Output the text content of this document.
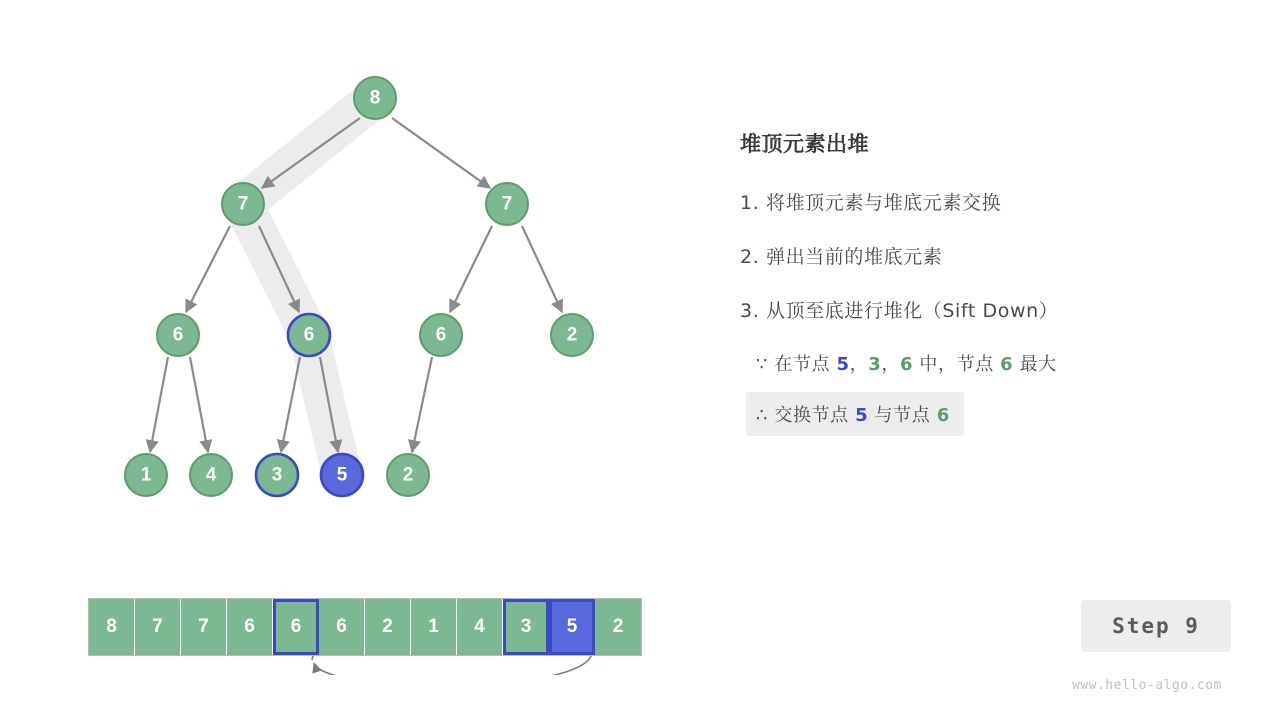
8
7	7
6	6	6	2
1	4	3	5	2
8	7	7	6	6	6	2	1	4	3	5	2
堆顶元素出堆
1. 将堆顶元素与堆底元素交换
2. 弹出当前的堆底元素
3. 从顶至底进行堆化（Sift Down）
∵ 在节点 5，3，6 中，节点 6 最大
∴ 交换节点 5 与节点 6
Step 9
www.hello-algo.com
